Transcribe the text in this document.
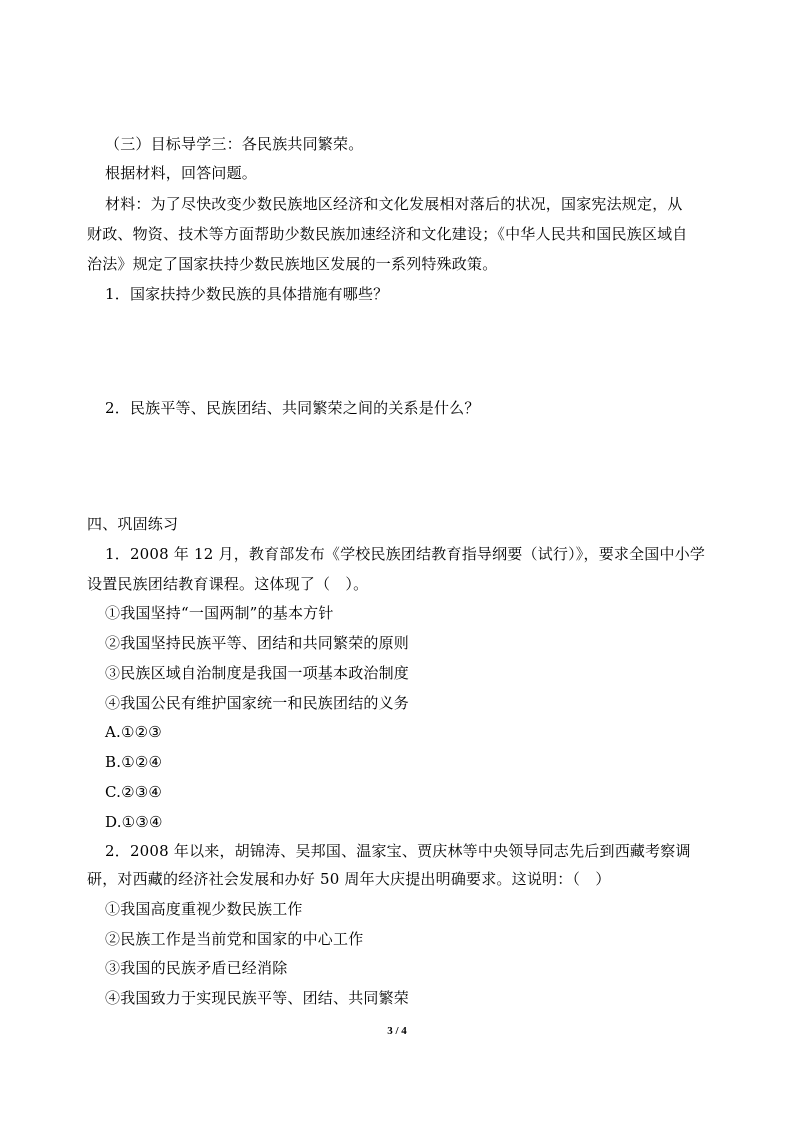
（三）目标导学三：各民族共同繁荣。
根据材料，回答问题。
材料：为了尽快改变少数民族地区经济和文化发展相对落后的状况，国家宪法规定，从
财政、物资、技术等方面帮助少数民族加速经济和文化建设；《中华人民共和国民族区域自
治法》规定了国家扶持少数民族地区发展的一系列特殊政策。
1．国家扶持少数民族的具体措施有哪些？
2．民族平等、民族团结、共同繁荣之间的关系是什么？
四、巩固练习
1．2008 年 12 月，教育部发布《学校民族团结教育指导纲要（试行）》，要求全国中小学
设置民族团结教育课程。这体现了（　）。
①我国坚持“一国两制”的基本方针
②我国坚持民族平等、团结和共同繁荣的原则
③民族区域自治制度是我国一项基本政治制度
④我国公民有维护国家统一和民族团结的义务
A.①②③
B.①②④
C.②③④
D.①③④
2．2008 年以来，胡锦涛、吴邦国、温家宝、贾庆林等中央领导同志先后到西藏考察调
研，对西藏的经济社会发展和办好 50 周年大庆提出明确要求。这说明：（　）
①我国高度重视少数民族工作
②民族工作是当前党和国家的中心工作
③我国的民族矛盾已经消除
④我国致力于实现民族平等、团结、共同繁荣
3 / 4
